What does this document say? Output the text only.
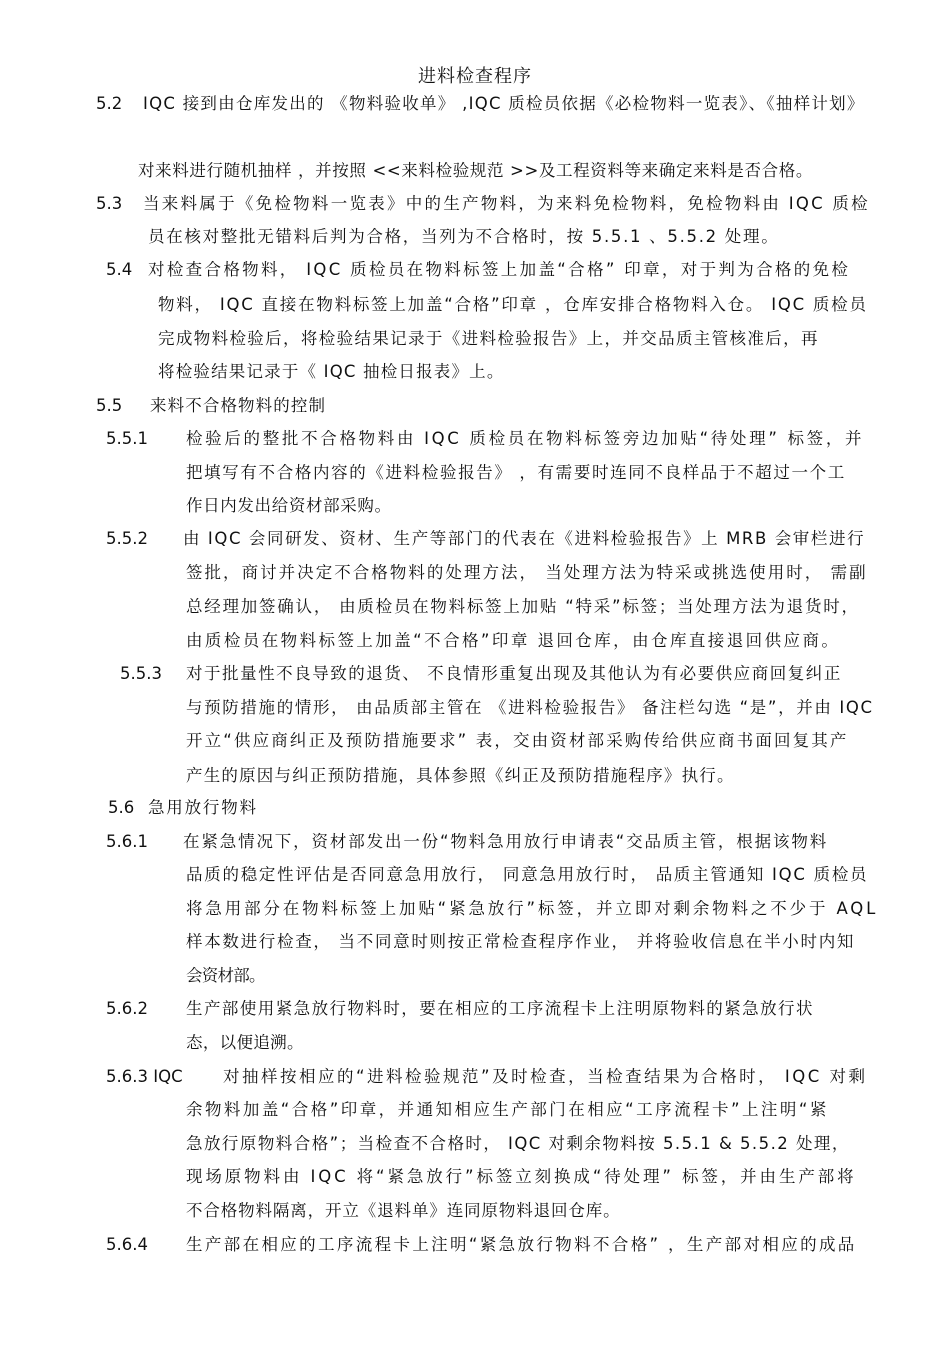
进料检查程序
5.2 IQC 接到由仓库发出的 《物料验收单》 ,IQC 质检员依据《必检物料一览表》、《抽样计划》
对来料进行随机抽样 ，并按照 <<来料检验规范 >>及工程资料等来确定来料是否合格。
5.3 当来料属于《免检物料一览表》中的生产物料，为来料免检物料，免检物料由 IQC 质检
员在核对整批无错料后判为合格，当列为不合格时，按 5.5.1 、5.5.2 处理。
5.4 对检查合格物料， IQC 质检员在物料标签上加盖“合格” 印章，对于判为合格的免检
物料， IQC 直接在物料标签上加盖“合格”印章 ，仓库安排合格物料入仓。 IQC 质检员
完成物料检验后，将检验结果记录于《进料检验报告》上，并交品质主管核准后，再
将检验结果记录于《 IQC 抽检日报表》上。
5.5 来料不合格物料的控制
5.5.1 检验后的整批不合格物料由 IQC 质检员在物料标签旁边加贴“待处理” 标签，并
把填写有不合格内容的《进料检验报告》 ，有需要时连同不良样品于不超过一个工
作日内发出给资材部采购。
5.5.2 由 IQC 会同研发、资材、生产等部门的代表在《进料检验报告》上 MRB 会审栏进行
签批，商讨并决定不合格物料的处理方法， 当处理方法为特采或挑选使用时， 需副
总经理加签确认， 由质检员在物料标签上加贴 “特采”标签；当处理方法为退货时，
由质检员在物料标签上加盖“不合格”印章 退回仓库，由仓库直接退回供应商。
5.5.3 对于批量性不良导致的退货、 不良情形重复出现及其他认为有必要供应商回复纠正
与预防措施的情形， 由品质部主管在 《进料检验报告》 备注栏勾选 “是”，并由 IQC
开立“供应商纠正及预防措施要求” 表，交由资材部采购传给供应商书面回复其产
产生的原因与纠正预防措施，具体参照《纠正及预防措施程序》执行。
5.6 急用放行物料
5.6.1 在紧急情况下，资材部发出一份“物料急用放行申请表“交品质主管，根据该物料
品质的稳定性评估是否同意急用放行， 同意急用放行时， 品质主管通知 IQC 质检员
将急用部分在物料标签上加贴“紧急放行”标签，并立即对剩余物料之不少于 AQL
样本数进行检查， 当不同意时则按正常检查程序作业， 并将验收信息在半小时内知
会资材部。
5.6.2 生产部使用紧急放行物料时，要在相应的工序流程卡上注明原物料的紧急放行状
态，以便追溯。
5.6.3 IQC 对抽样按相应的“进料检验规范”及时检查，当检查结果为合格时， IQC 对剩
余物料加盖“合格”印章，并通知相应生产部门在相应“工序流程卡”上注明“紧
急放行原物料合格”；当检查不合格时， IQC 对剩余物料按 5.5.1 & 5.5.2 处理，
现场原物料由 IQC 将“紧急放行”标签立刻换成“待处理” 标签，并由生产部将
不合格物料隔离，开立《退料单》连同原物料退回仓库。
5.6.4 生产部在相应的工序流程卡上注明“紧急放行物料不合格” ，生产部对相应的成品
